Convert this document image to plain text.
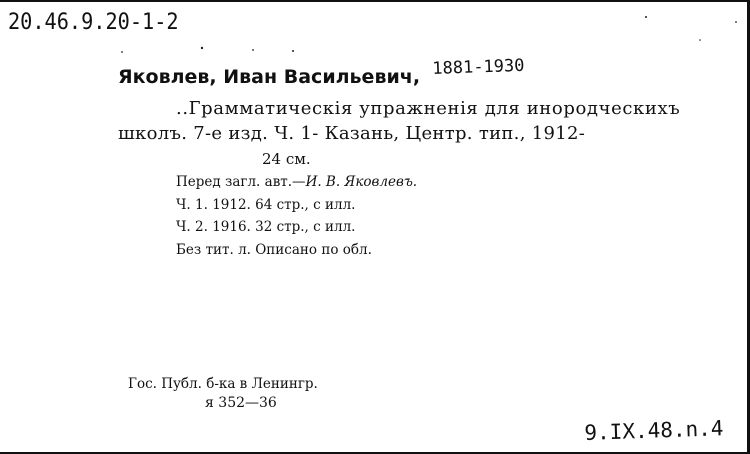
20.46.9.20-1-2
Яковлев, Иван Васильевич, 1881-1930
..Грамматическія упражненія для инородческихъ
школъ. 7-е изд. Ч. 1- Казань, Центр. тип., 1912-
24 см.
Перед загл. авт.—И. В. Яковлевъ.
Ч. 1. 1912. 64 стр., с илл.
Ч. 2. 1916. 32 стр., с илл.
Без тит. л. Описано по обл.
Гос. Публ. б-ка в Ленингр.
я 352—36
9.IX.48.n.4
